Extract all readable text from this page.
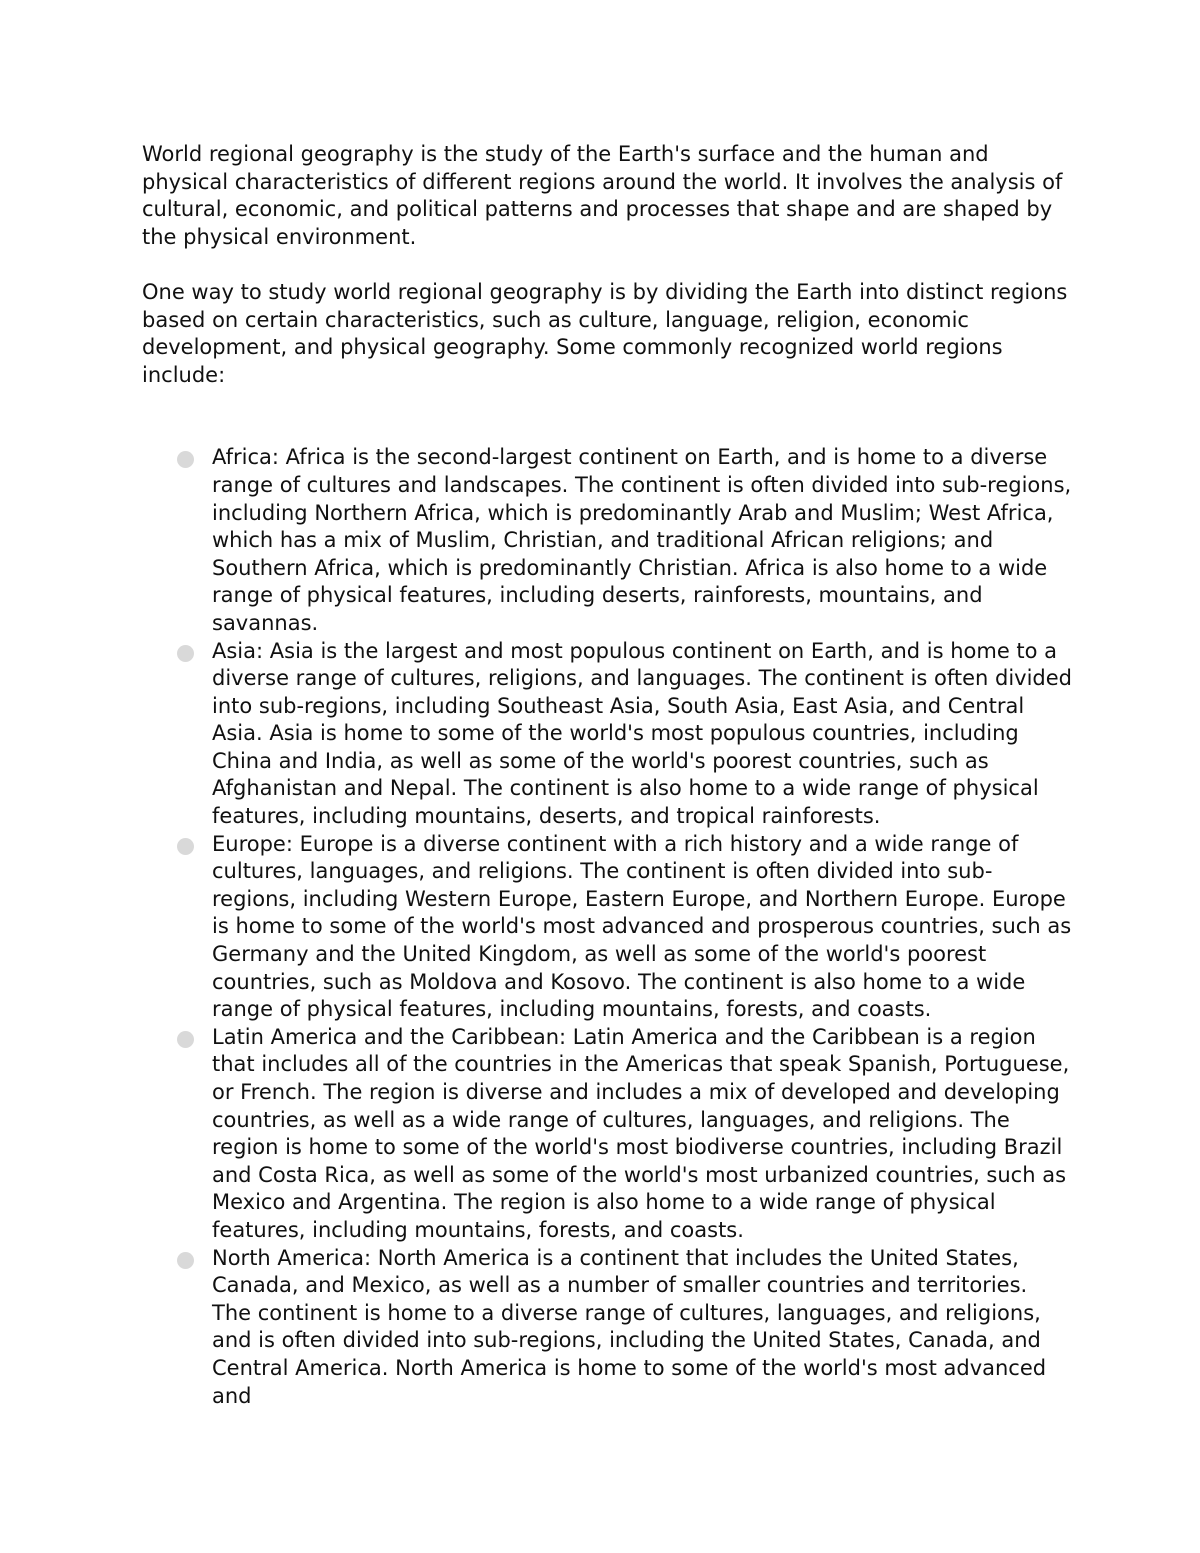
World regional geography is the study of the Earth's surface and the human and physical characteristics of different regions around the world. It involves the analysis of cultural, economic, and political patterns and processes that shape and are shaped by the physical environment.

One way to study world regional geography is by dividing the Earth into distinct regions based on certain characteristics, such as culture, language, religion, economic development, and physical geography. Some commonly recognized world regions include:

Africa: Africa is the second-largest continent on Earth, and is home to a diverse range of cultures and landscapes. The continent is often divided into sub-regions, including Northern Africa, which is predominantly Arab and Muslim; West Africa, which has a mix of Muslim, Christian, and traditional African religions; and Southern Africa, which is predominantly Christian. Africa is also home to a wide range of physical features, including deserts, rainforests, mountains, and savannas.
Asia: Asia is the largest and most populous continent on Earth, and is home to a diverse range of cultures, religions, and languages. The continent is often divided into sub-regions, including Southeast Asia, South Asia, East Asia, and Central Asia. Asia is home to some of the world's most populous countries, including China and India, as well as some of the world's poorest countries, such as Afghanistan and Nepal. The continent is also home to a wide range of physical features, including mountains, deserts, and tropical rainforests.
Europe: Europe is a diverse continent with a rich history and a wide range of cultures, languages, and religions. The continent is often divided into sub-regions, including Western Europe, Eastern Europe, and Northern Europe. Europe is home to some of the world's most advanced and prosperous countries, such as Germany and the United Kingdom, as well as some of the world's poorest countries, such as Moldova and Kosovo. The continent is also home to a wide range of physical features, including mountains, forests, and coasts.
Latin America and the Caribbean: Latin America and the Caribbean is a region that includes all of the countries in the Americas that speak Spanish, Portuguese, or French. The region is diverse and includes a mix of developed and developing countries, as well as a wide range of cultures, languages, and religions. The region is home to some of the world's most biodiverse countries, including Brazil and Costa Rica, as well as some of the world's most urbanized countries, such as Mexico and Argentina. The region is also home to a wide range of physical features, including mountains, forests, and coasts.
North America: North America is a continent that includes the United States, Canada, and Mexico, as well as a number of smaller countries and territories. The continent is home to a diverse range of cultures, languages, and religions, and is often divided into sub-regions, including the United States, Canada, and Central America. North America is home to some of the world's most advanced and
